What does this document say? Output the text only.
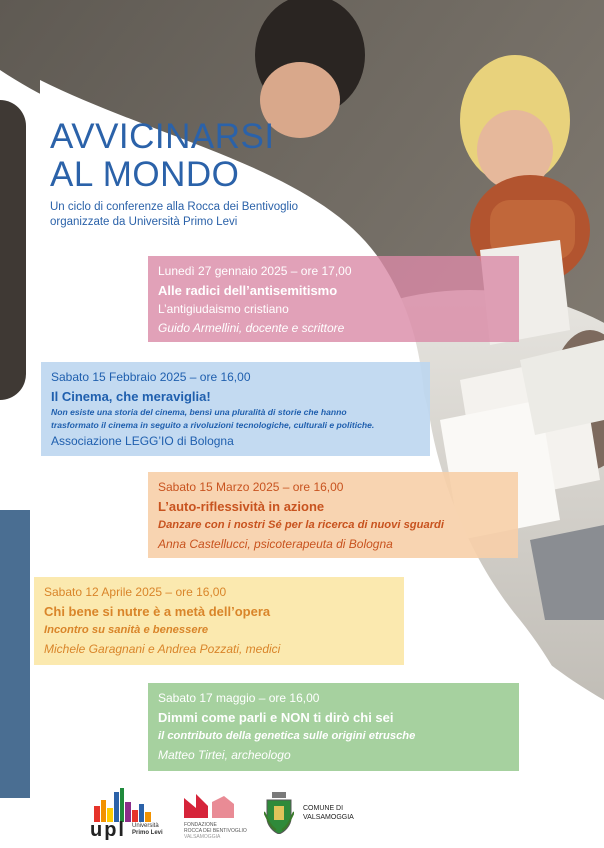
AVVICINARSI
AL MONDO
Un ciclo di conferenze alla Rocca dei Bentivoglio
organizzate da Università Primo Levi
Lunedì 27 gennaio 2025 – ore 17,00
Alle radici dell’antisemitismo
L’antigiudaismo cristiano
Guido Armellini, docente e scrittore
Sabato 15 Febbraio 2025 – ore 16,00
Il Cinema, che meraviglia!
Non esiste una storia del cinema, bensì una pluralità di storie che hanno
trasformato il cinema in seguito a rivoluzioni tecnologiche, culturali e politiche.
Associazione LEGG’IO di Bologna
Sabato 15 Marzo 2025 – ore 16,00
L’auto-riflessività in azione
Danzare con i nostri Sé per la ricerca di nuovi sguardi
Anna Castellucci, psicoterapeuta di Bologna
Sabato 12 Aprile 2025 – ore 16,00
Chi bene si nutre è a metà dell’opera
Incontro su sanità e benessere
Michele Garagnani e Andrea Pozzati, medici
Sabato 17 maggio – ore 16,00
Dimmi come parli e NON ti dirò chi sei
il contributo della genetica sulle origini etrusche
Matteo Tirtei, archeologo
upl Università
Primo Levi
FONDAZIONE
ROCCA DEI BENTIVOGLIO
VALSAMOGGIA
COMUNE DI
VALSAMOGGIA
